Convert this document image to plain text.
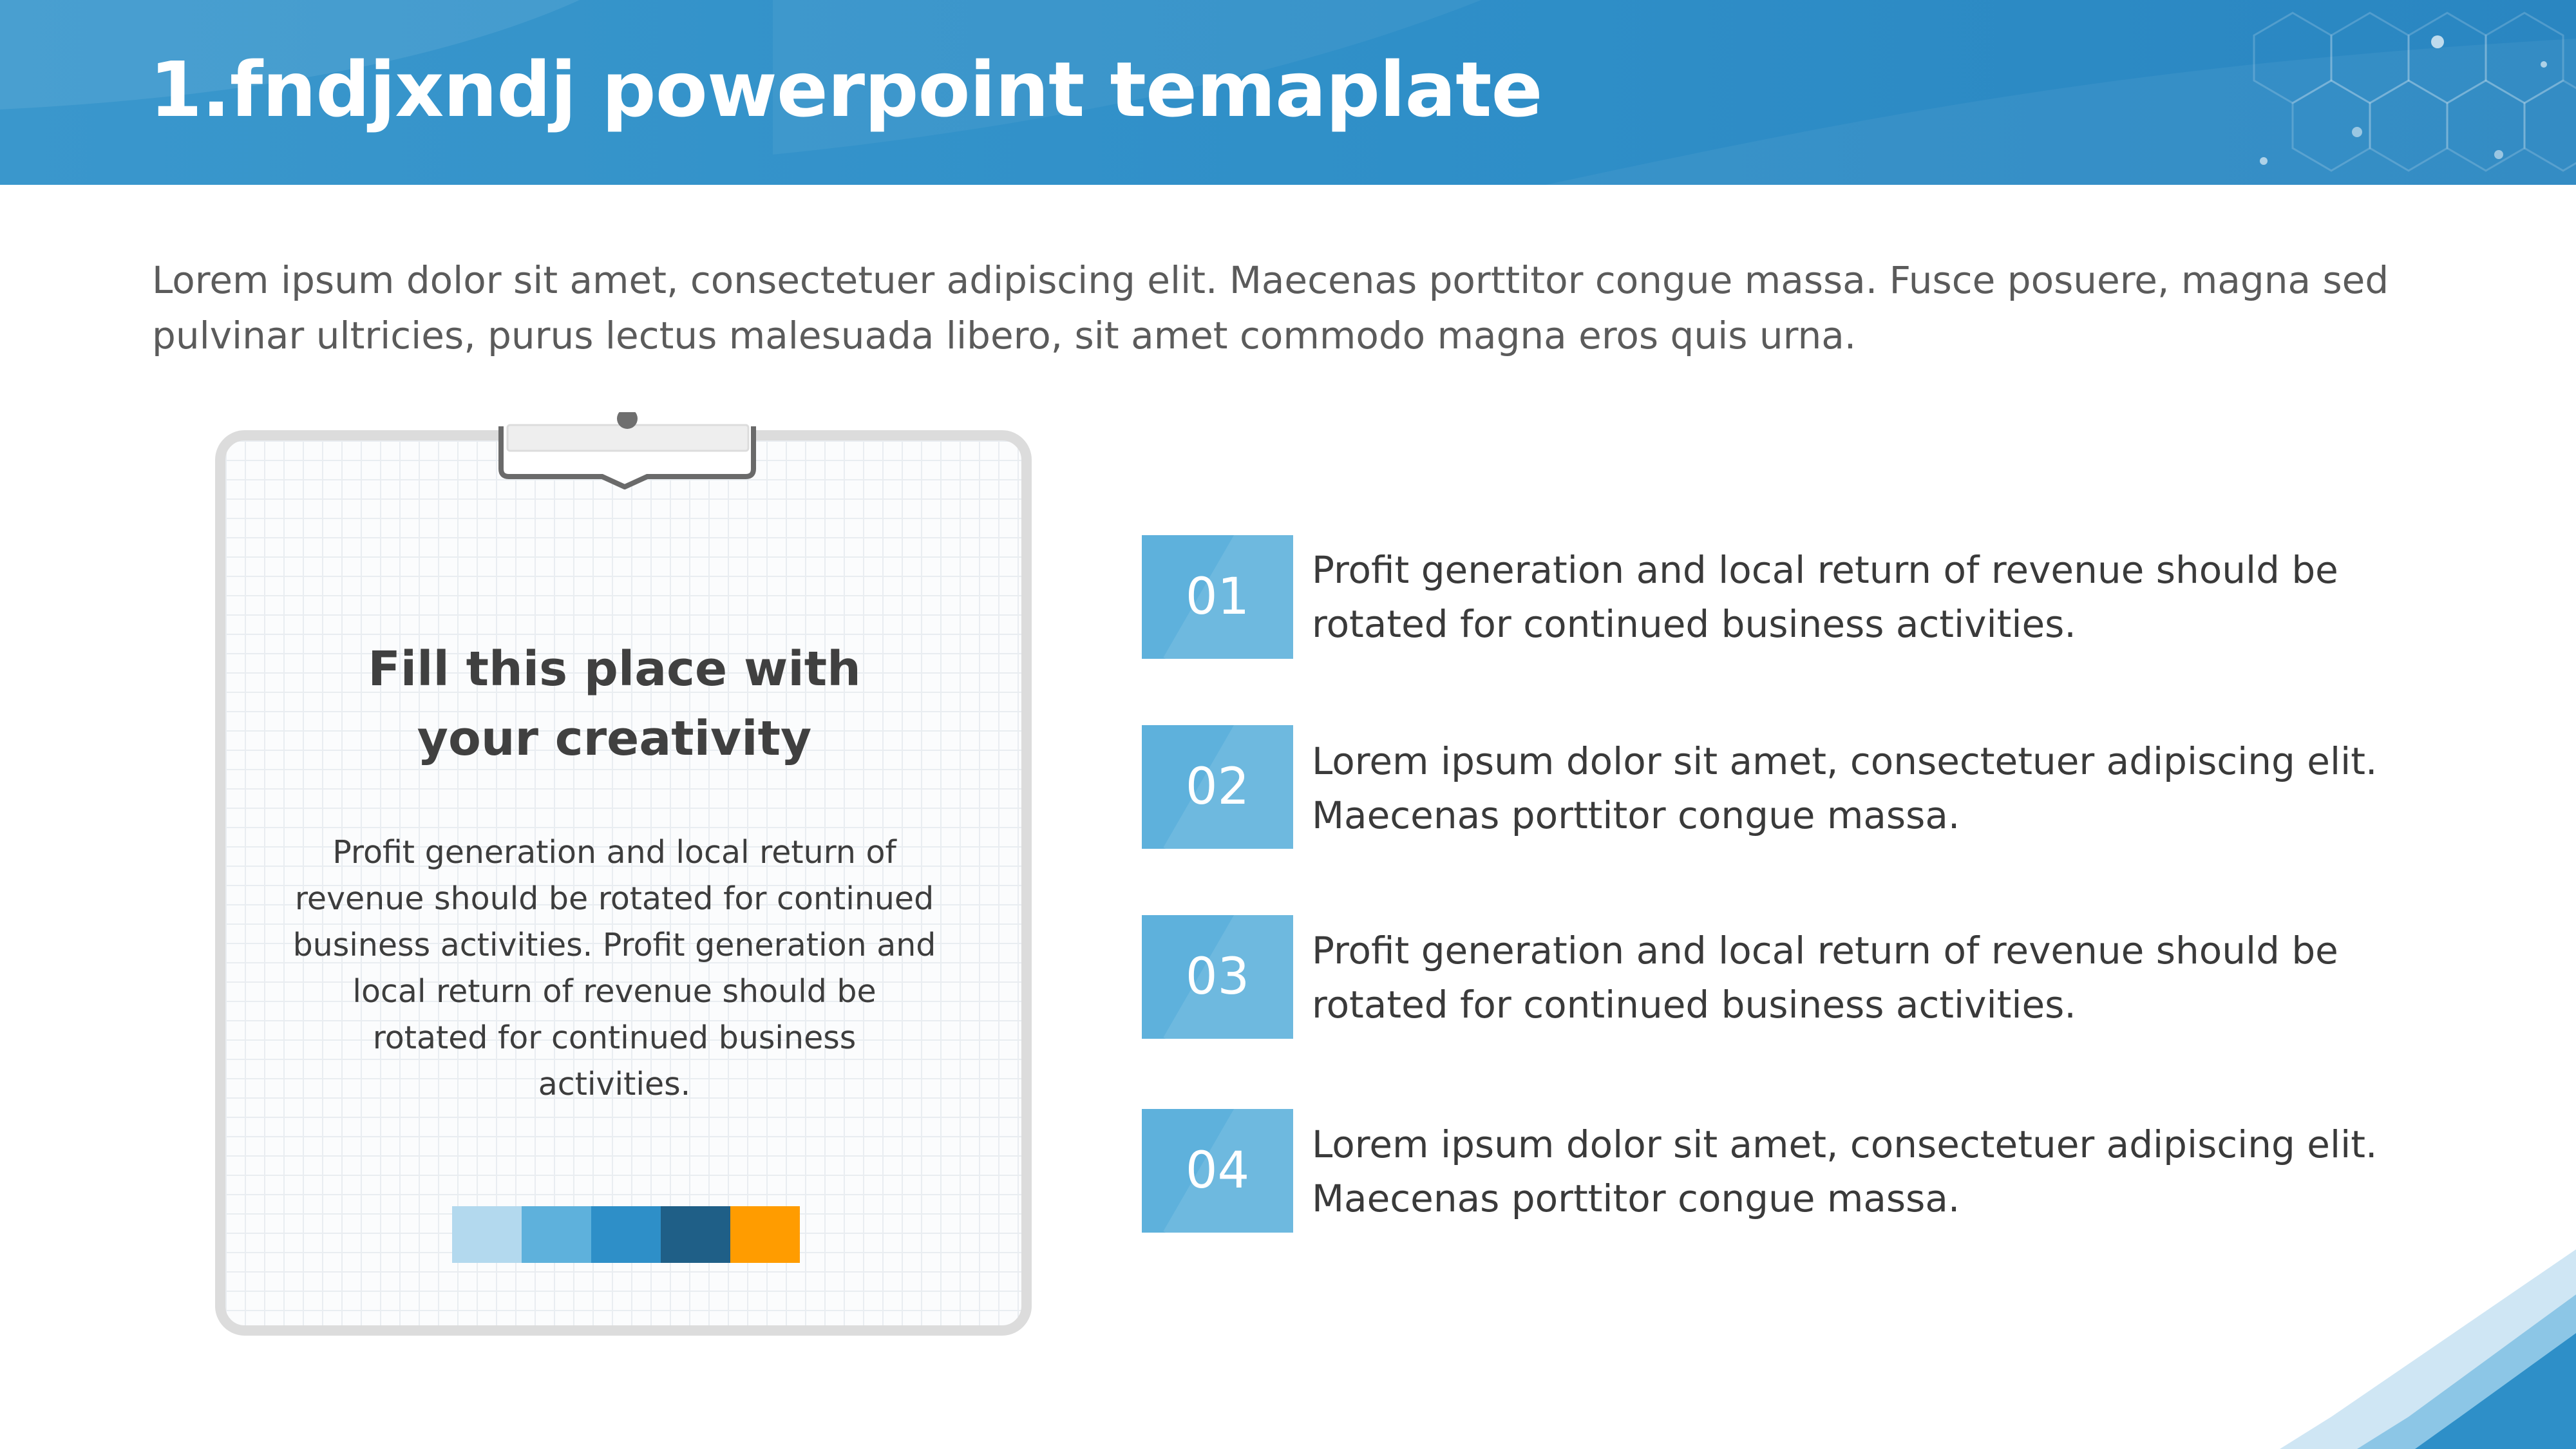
1.fndjxndj powerpoint temaplate

Lorem ipsum dolor sit amet, consectetuer adipiscing elit. Maecenas porttitor congue massa. Fusce posuere, magna sed pulvinar ultricies, purus lectus malesuada libero, sit amet commodo magna eros quis urna.

Fill this place with
your creativity

Profit generation and local return of revenue should be rotated for continued business activities. Profit generation and local return of revenue should be rotated for continued business activities.

01 Profit generation and local return of revenue should be rotated for continued business activities.

02 Lorem ipsum dolor sit amet, consectetuer adipiscing elit. Maecenas porttitor congue massa.

03 Profit generation and local return of revenue should be rotated for continued business activities.

04 Lorem ipsum dolor sit amet, consectetuer adipiscing elit. Maecenas porttitor congue massa.
